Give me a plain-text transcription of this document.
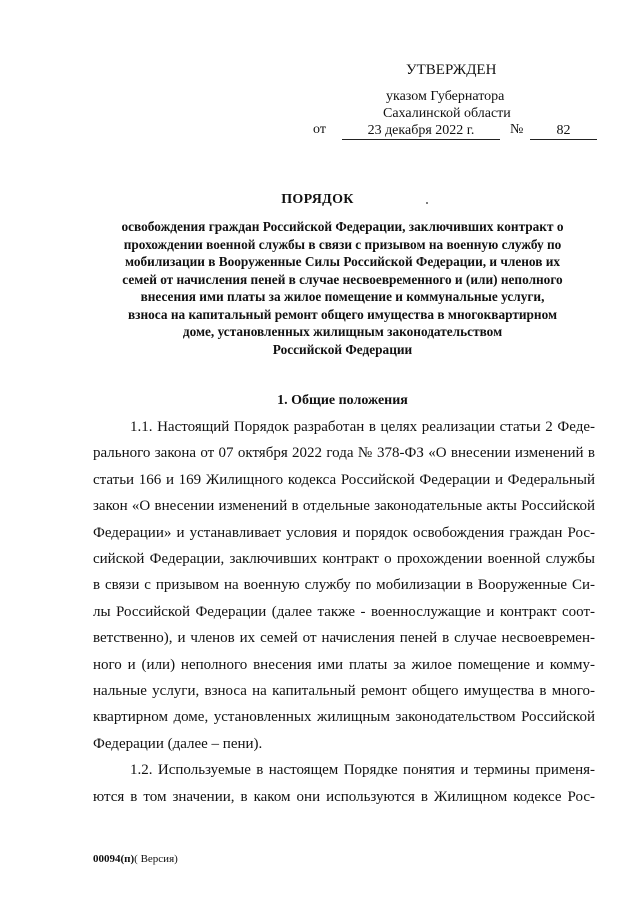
УТВЕРЖДЕН
указом Губернатора
Сахалинской области
от	23 декабря 2022 г.	№	82
ПОРЯДОК
освобождения граждан Российской Федерации, заключивших контракт о
прохождении военной службы в связи с призывом на военную службу по
мобилизации в Вооруженные Силы Российской Федерации, и членов их
семей от начисления пеней в случае несвоевременного и (или) неполного
внесения ими платы за жилое помещение и коммунальные услуги,
взноса на капитальный ремонт общего имущества в многоквартирном
доме, установленных жилищным законодательством
Российской Федерации
1. Общие положения
1.1. Настоящий Порядок разработан в целях реализации статьи 2 Феде-
рального закона от 07 октября 2022 года № 378-ФЗ «О внесении изменений в
статьи 166 и 169 Жилищного кодекса Российской Федерации и Федеральный
закон «О внесении изменений в отдельные законодательные акты Российской
Федерации» и устанавливает условия и порядок освобождения граждан Рос-
сийской Федерации, заключивших контракт о прохождении военной службы
в связи с призывом на военную службу по мобилизации в Вооруженные Си-
лы Российской Федерации (далее также - военнослужащие и контракт соот-
ветственно), и членов их семей от начисления пеней в случае несвоевремен-
ного и (или) неполного внесения ими платы за жилое помещение и комму-
нальные услуги, взноса на капитальный ремонт общего имущества в много-
квартирном доме, установленных жилищным законодательством Российской
Федерации (далее – пени).
1.2. Используемые в настоящем Порядке понятия и термины применя-
ются в том значении, в каком они используются в Жилищном кодексе Рос-
00094(п)( Версия)
